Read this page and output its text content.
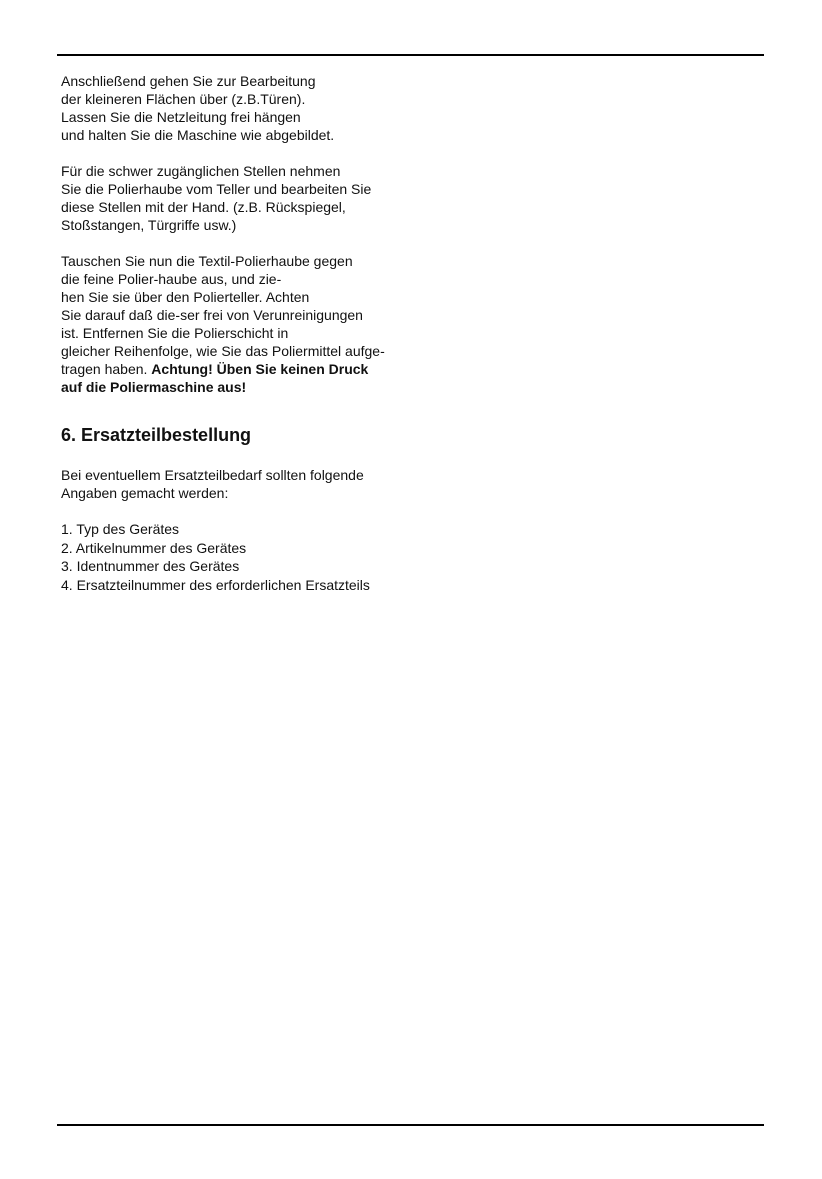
Anschließend gehen Sie zur Bearbeitung
der kleineren Flächen über (z.B.Türen).
Lassen Sie die Netzleitung frei hängen
und halten Sie die Maschine wie abgebildet.

Für die schwer zugänglichen Stellen nehmen
Sie die Polierhaube vom Teller und bearbeiten Sie
diese Stellen mit der Hand. (z.B. Rückspiegel,
Stoßstangen, Türgriffe usw.)

Tauschen Sie nun die Textil-Polierhaube gegen
die feine Polier-haube aus, und zie-
hen Sie sie über den Polierteller. Achten
Sie darauf daß die-ser frei von Verunreinigungen
ist. Entfernen Sie die Polierschicht in
gleicher Reihenfolge, wie Sie das Poliermittel aufge-
tragen haben. Achtung! Üben Sie keinen Druck
auf die Poliermaschine aus!

6. Ersatzteilbestellung

Bei eventuellem Ersatzteilbedarf sollten folgende
Angaben gemacht werden:

1. Typ des Gerätes
2. Artikelnummer des Gerätes
3. Identnummer des Gerätes
4. Ersatzteilnummer des erforderlichen Ersatzteils
